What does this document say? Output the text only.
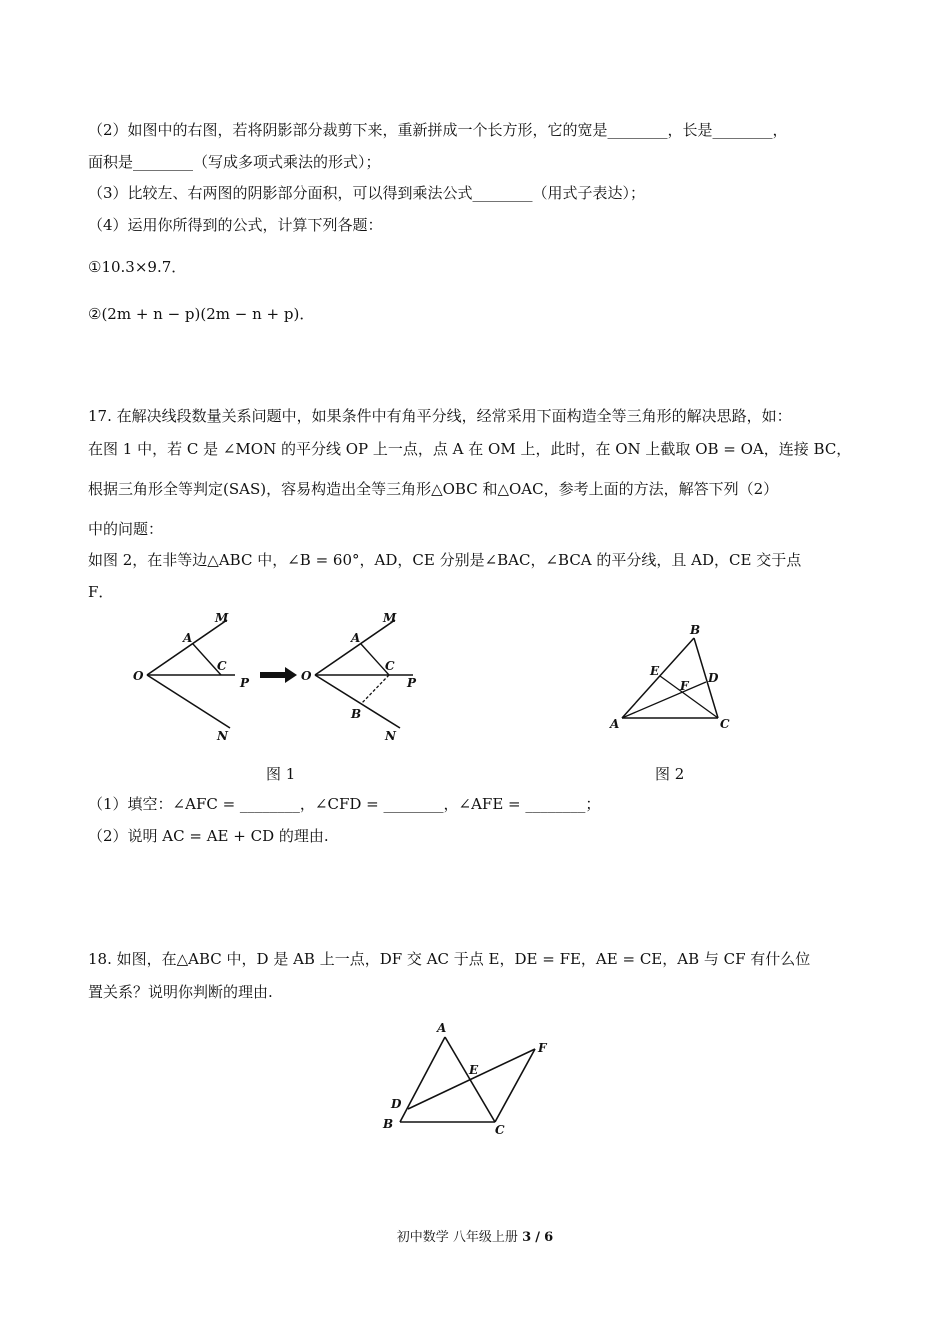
（2）如图中的右图，若将阴影部分裁剪下来，重新拼成一个长方形，它的宽是________，长是________，
面积是________（写成多项式乘法的形式）；
（3）比较左、右两图的阴影部分面积，可以得到乘法公式________（用式子表达）；
（4）运用你所得到的公式，计算下列各题：
①10.3×9.7．
②(2m + n − p)(2m − n + p)．
17. 在解决线段数量关系问题中，如果条件中有角平分线，经常采用下面构造全等三角形的解决思路，如：
在图 1 中，若 C 是 ∠MON 的平分线 OP 上一点，点 A 在 OM 上，此时，在 ON 上截取 OB = OA，连接 BC，
根据三角形全等判定(SAS)，容易构造出全等三角形△OBC 和△OAC，参考上面的方法，解答下列（2）
中的问题：
如图 2，在非等边△ABC 中，∠B = 60°，AD，CE 分别是∠BAC，∠BCA 的平分线，且 AD，CE 交于点
F．
M
A
C
O	P
N
M
A
C
O	P
B
N
B
E
F
D
A	C
图 1	图 2
（1）填空：∠AFC = ________，∠CFD = ________，∠AFE = ________；
（2）说明 AC = AE + CD 的理由.
18. 如图，在△ABC 中，D 是 AB 上一点，DF 交 AC 于点 E，DE = FE，AE = CE，AB 与 CF 有什么位
置关系？说明你判断的理由.
A
F
E
D
B	C
初中数学 八年级上册 3 / 6
